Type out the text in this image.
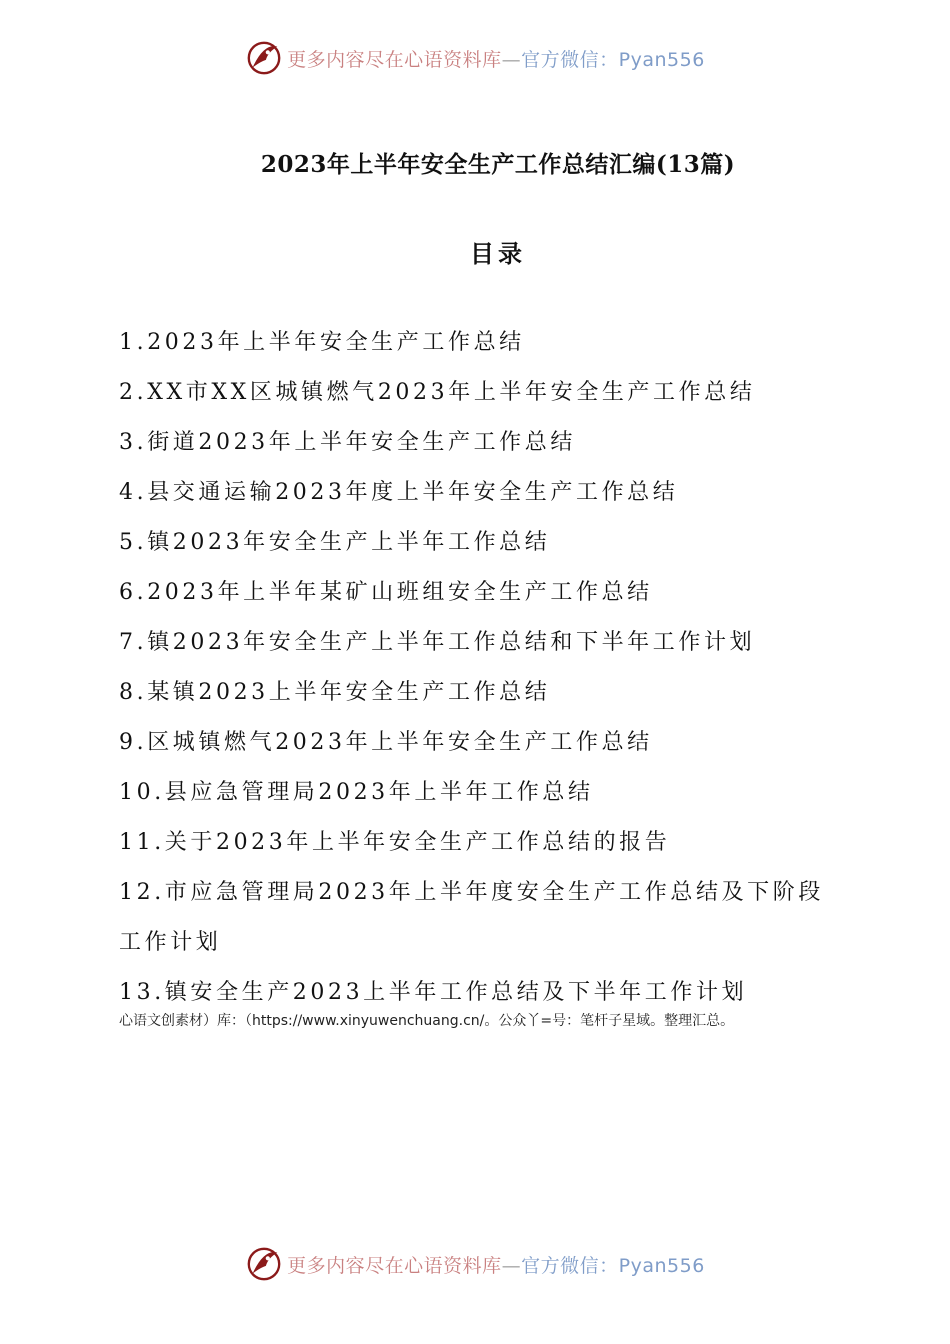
更多内容尽在心语资料库—官方微信：Pyan556
2023年上半年安全生产工作总结汇编(13篇)
目录
1.2023年上半年安全生产工作总结
2.XX市XX区城镇燃气2023年上半年安全生产工作总结
3.街道2023年上半年安全生产工作总结
4.县交通运输2023年度上半年安全生产工作总结
5.镇2023年安全生产上半年工作总结
6.2023年上半年某矿山班组安全生产工作总结
7.镇2023年安全生产上半年工作总结和下半年工作计划
8.某镇2023上半年安全生产工作总结
9.区城镇燃气2023年上半年安全生产工作总结
10.县应急管理局2023年上半年工作总结
11.关于2023年上半年安全生产工作总结的报告
12.市应急管理局2023年上半年度安全生产工作总结及下阶段工作计划
13.镇安全生产2023上半年工作总结及下半年工作计划
心语文创素材）库：（https://www.xinyuwenchuang.cn/。公众丫=号：笔杆子星域。整理汇总。
更多内容尽在心语资料库—官方微信：Pyan556
